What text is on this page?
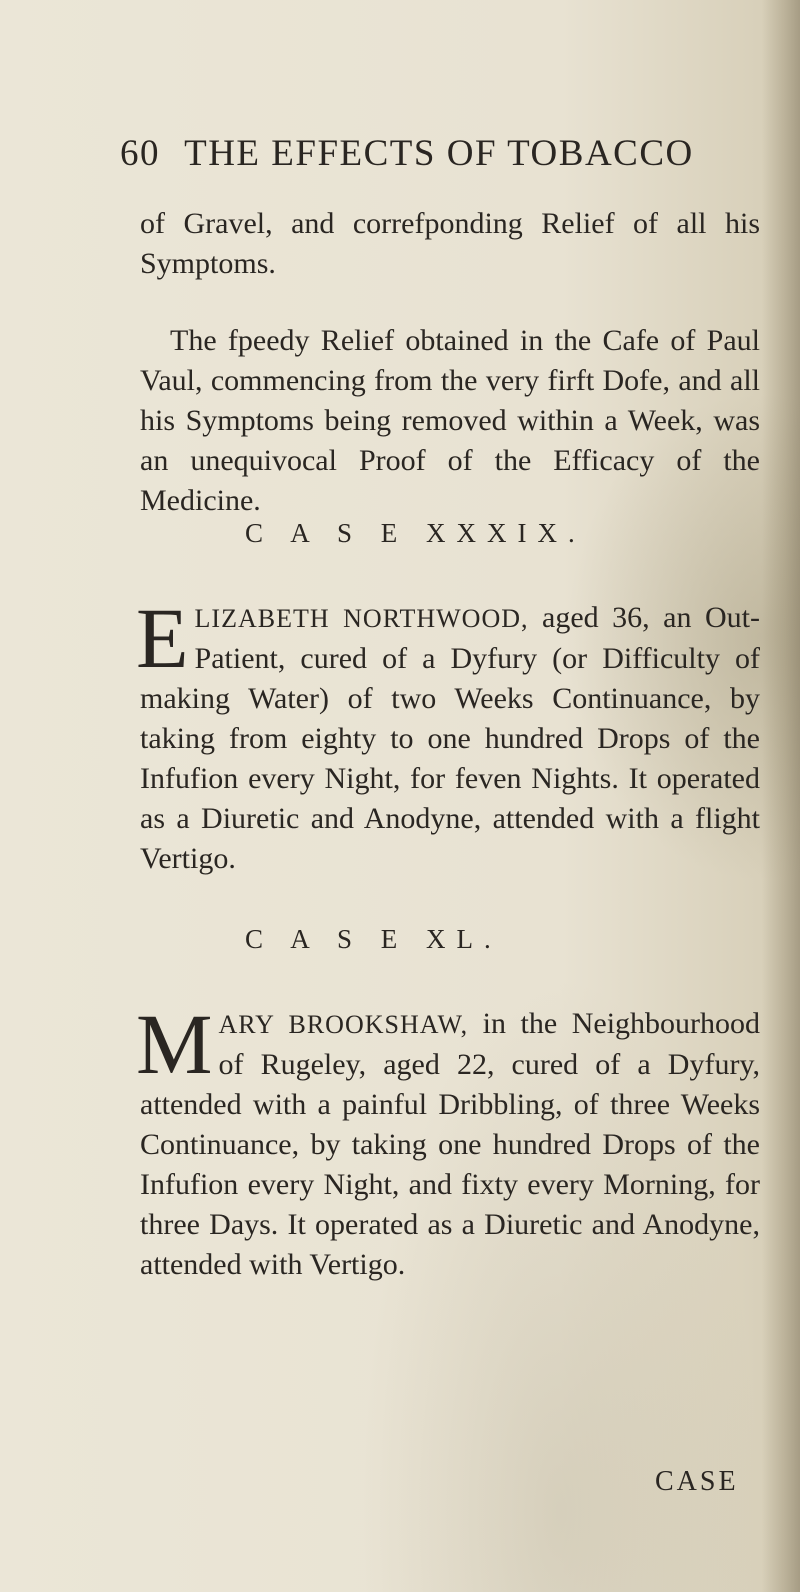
60 THE EFFECTS OF TOBACCO

of Gravel, and correfponding Relief of all his Symptoms.

The fpeedy Relief obtained in the Cafe of Paul Vaul, commencing from the very firft Dofe, and all his Symptoms being removed within a Week, was an unequivocal Proof of the Efficacy of the Medicine.

C A S E XXXIX.

E LIZABETH NORTHWOOD, aged 36, an Out-Patient, cured of a Dyfury (or Difficulty of making Water) of two Weeks Continuance, by taking from eighty to one hundred Drops of the Infufion every Night, for feven Nights. It operated as a Diuretic and Anodyne, attended with a flight Vertigo.

C A S E XL.

M ARY BROOKSHAW, in the Neighbourhood of Rugeley, aged 22, cured of a Dyfury, attended with a painful Dribbling, of three Weeks Continuance, by taking one hundred Drops of the Infufion every Night, and fixty every Morning, for three Days. It operated as a Diuretic and Anodyne, attended with Vertigo.

CASE
